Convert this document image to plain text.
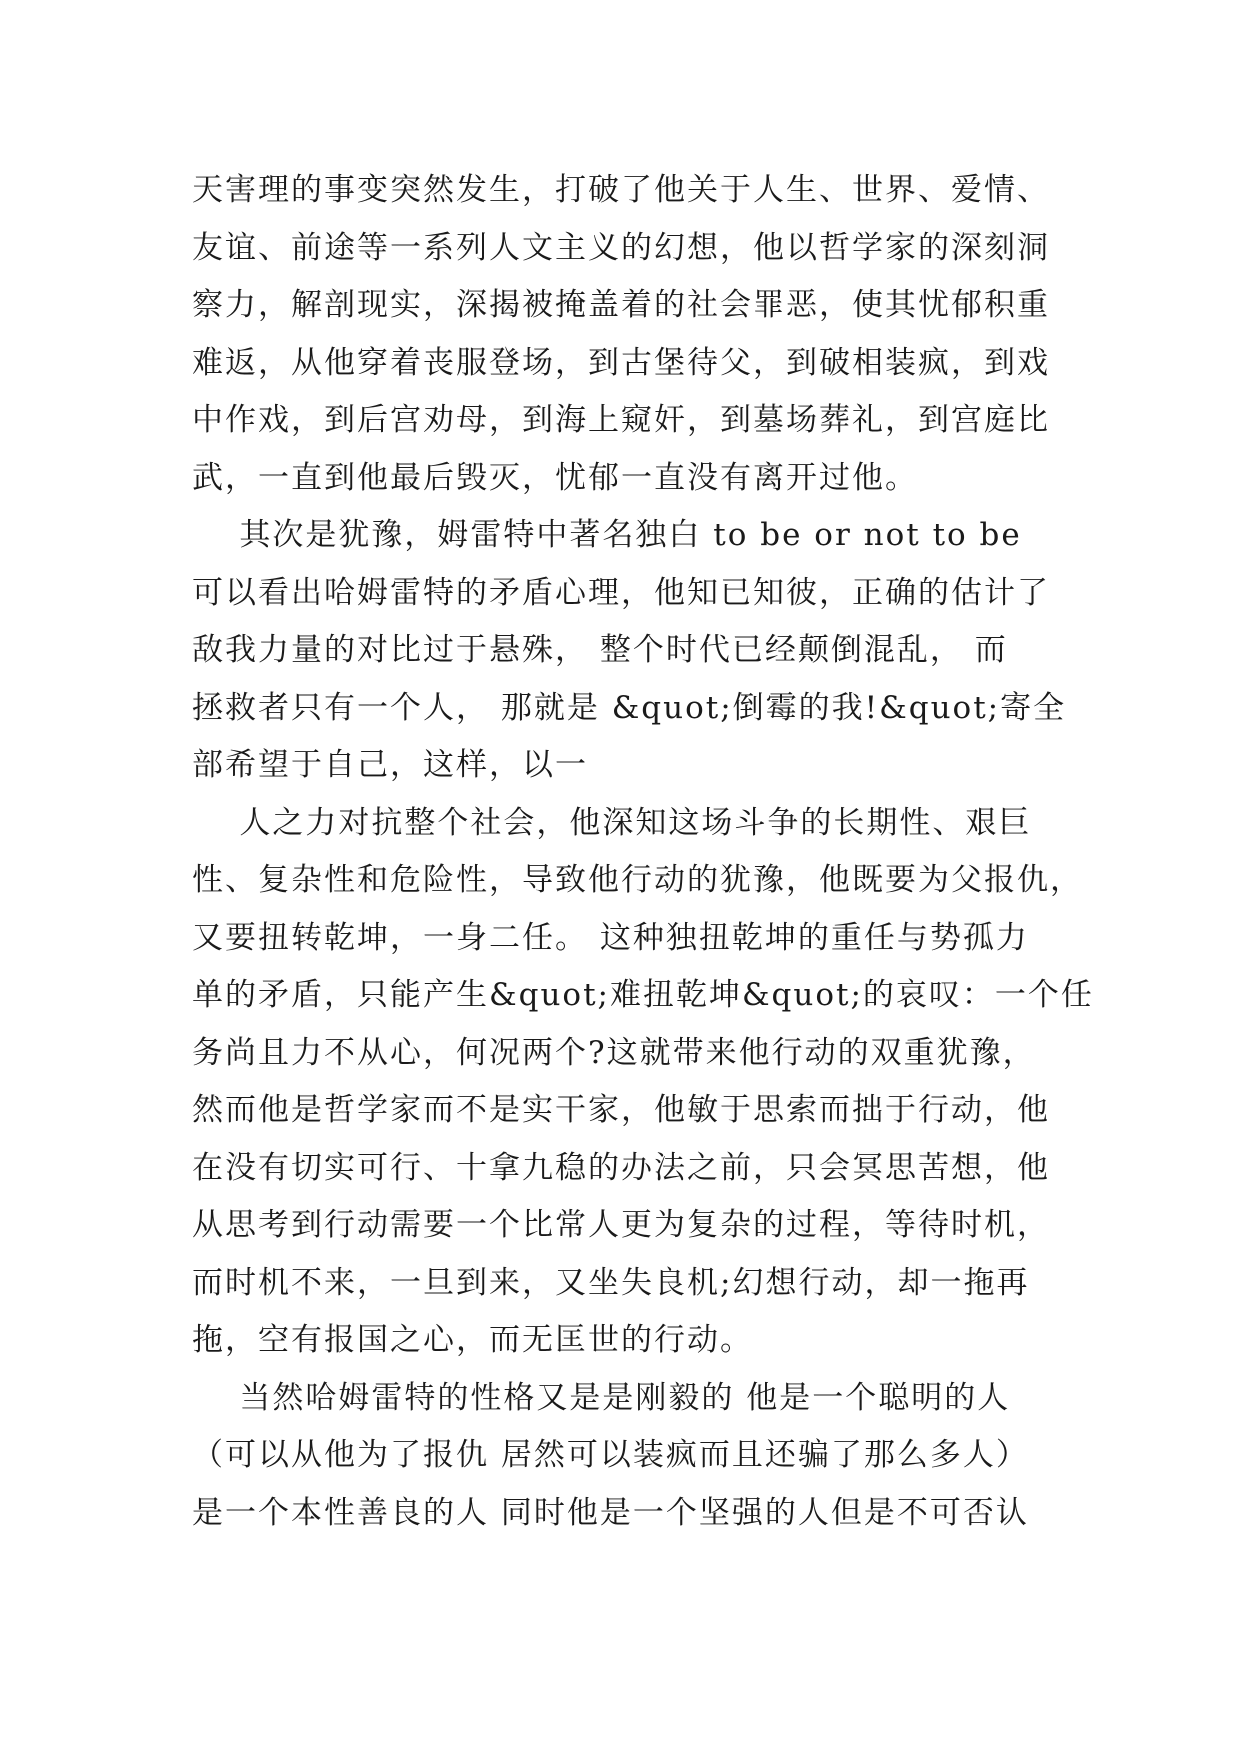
天害理的事变突然发生，打破了他关于人生、世界、爱情、
友谊、前途等一系列人文主义的幻想，他以哲学家的深刻洞
察力，解剖现实，深揭被掩盖着的社会罪恶，使其忧郁积重
难返，从他穿着丧服登场，到古堡待父，到破相装疯，到戏
中作戏，到后宫劝母，到海上窥奸，到墓场葬礼，到宫庭比
武，一直到他最后毁灭，忧郁一直没有离开过他。
其次是犹豫，姆雷特中著名独白 to be or not to be
可以看出哈姆雷特的矛盾心理，他知已知彼，正确的估计了
敌我力量的对比过于悬殊， 整个时代已经颠倒混乱， 而
拯救者只有一个人， 那就是 &quot;倒霉的我!&quot;寄全
部希望于自己，这样，以一
人之力对抗整个社会，他深知这场斗争的长期性、艰巨
性、复杂性和危险性，导致他行动的犹豫，他既要为父报仇，
又要扭转乾坤，一身二任。 这种独扭乾坤的重任与势孤力
单的矛盾，只能产生&quot;难扭乾坤&quot;的哀叹：一个任
务尚且力不从心，何况两个?这就带来他行动的双重犹豫，
然而他是哲学家而不是实干家，他敏于思索而拙于行动，他
在没有切实可行、十拿九稳的办法之前，只会冥思苦想，他
从思考到行动需要一个比常人更为复杂的过程，等待时机，
而时机不来，一旦到来，又坐失良机;幻想行动，却一拖再
拖，空有报国之心，而无匡世的行动。
当然哈姆雷特的性格又是是刚毅的 他是一个聪明的人
（可以从他为了报仇 居然可以装疯而且还骗了那么多人）
是一个本性善良的人 同时他是一个坚强的人但是不可否认
